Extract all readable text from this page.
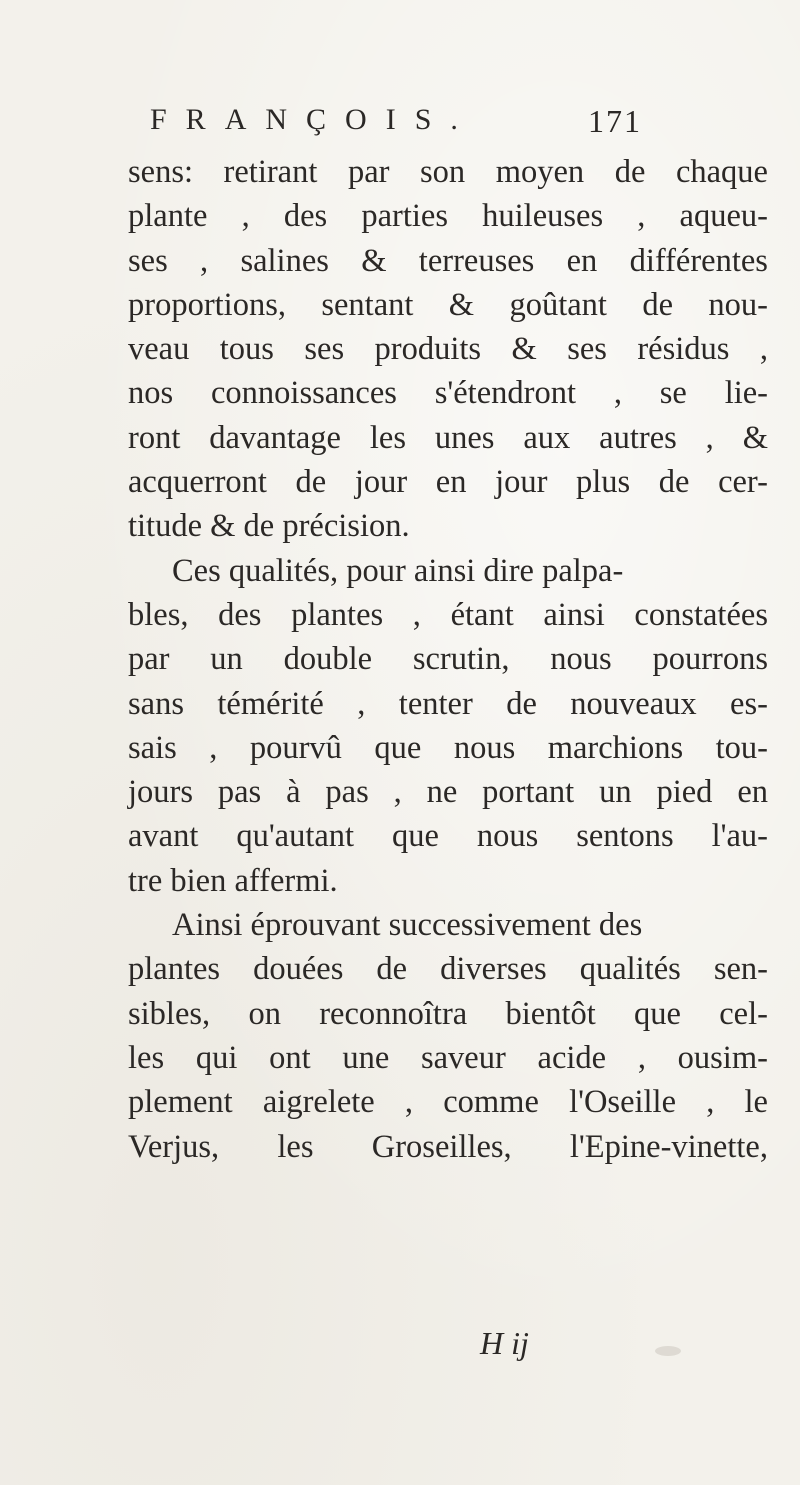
FRANÇOIS.	171
sens: retirant par son moyen de chaque
plante , des parties huileuses , aqueu-
ses , salines & terreuses en différentes
proportions, sentant & goûtant de nou-
veau tous ses produits & ses résidus ,
nos connoissances s'étendront , se lie-
ront davantage les unes aux autres , &
acquerront de jour en jour plus de cer-
titude & de précision.
Ces qualités, pour ainsi dire palpa-
bles, des plantes , étant ainsi constatées
par un double scrutin, nous pourrons
sans témérité , tenter de nouveaux es-
sais , pourvû que nous marchions tou-
jours pas à pas , ne portant un pied en
avant qu'autant que nous sentons l'au-
tre bien affermi.
Ainsi éprouvant successivement des
plantes douées de diverses qualités sen-
sibles, on reconnoîtra bientôt que cel-
les qui ont une saveur acide , ousim-
plement aigrelete , comme l'Oseille , le
Verjus, les Groseilles, l'Epine-vinette,
H ij
